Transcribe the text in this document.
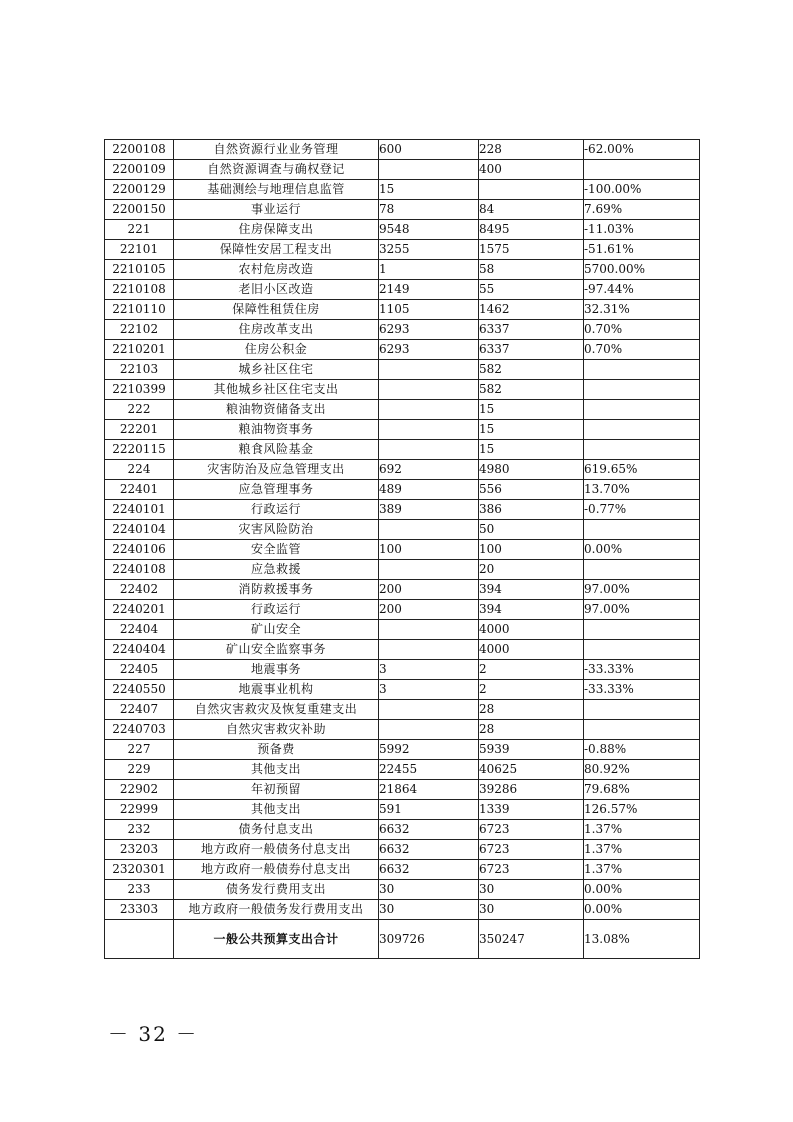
2200108	自然资源行业业务管理	600	228	-62.00%
2200109	自然资源调查与确权登记		400	
2200129	基础测绘与地理信息监管	15		-100.00%
2200150	事业运行	78	84	7.69%
221	住房保障支出	9548	8495	-11.03%
22101	保障性安居工程支出	3255	1575	-51.61%
2210105	农村危房改造	1	58	5700.00%
2210108	老旧小区改造	2149	55	-97.44%
2210110	保障性租赁住房	1105	1462	32.31%
22102	住房改革支出	6293	6337	0.70%
2210201	住房公积金	6293	6337	0.70%
22103	城乡社区住宅		582	
2210399	其他城乡社区住宅支出		582	
222	粮油物资储备支出		15	
22201	粮油物资事务		15	
2220115	粮食风险基金		15	
224	灾害防治及应急管理支出	692	4980	619.65%
22401	应急管理事务	489	556	13.70%
2240101	行政运行	389	386	-0.77%
2240104	灾害风险防治		50	
2240106	安全监管	100	100	0.00%
2240108	应急救援		20	
22402	消防救援事务	200	394	97.00%
2240201	行政运行	200	394	97.00%
22404	矿山安全		4000	
2240404	矿山安全监察事务		4000	
22405	地震事务	3	2	-33.33%
2240550	地震事业机构	3	2	-33.33%
22407	自然灾害救灾及恢复重建支出		28	
2240703	自然灾害救灾补助		28	
227	预备费	5992	5939	-0.88%
229	其他支出	22455	40625	80.92%
22902	年初预留	21864	39286	79.68%
22999	其他支出	591	1339	126.57%
232	债务付息支出	6632	6723	1.37%
23203	地方政府一般债务付息支出	6632	6723	1.37%
2320301	地方政府一般债券付息支出	6632	6723	1.37%
233	债务发行费用支出	30	30	0.00%
23303	地方政府一般债务发行费用支出	30	30	0.00%
	一般公共预算支出合计	309726	350247	13.08%
－ 32 －
